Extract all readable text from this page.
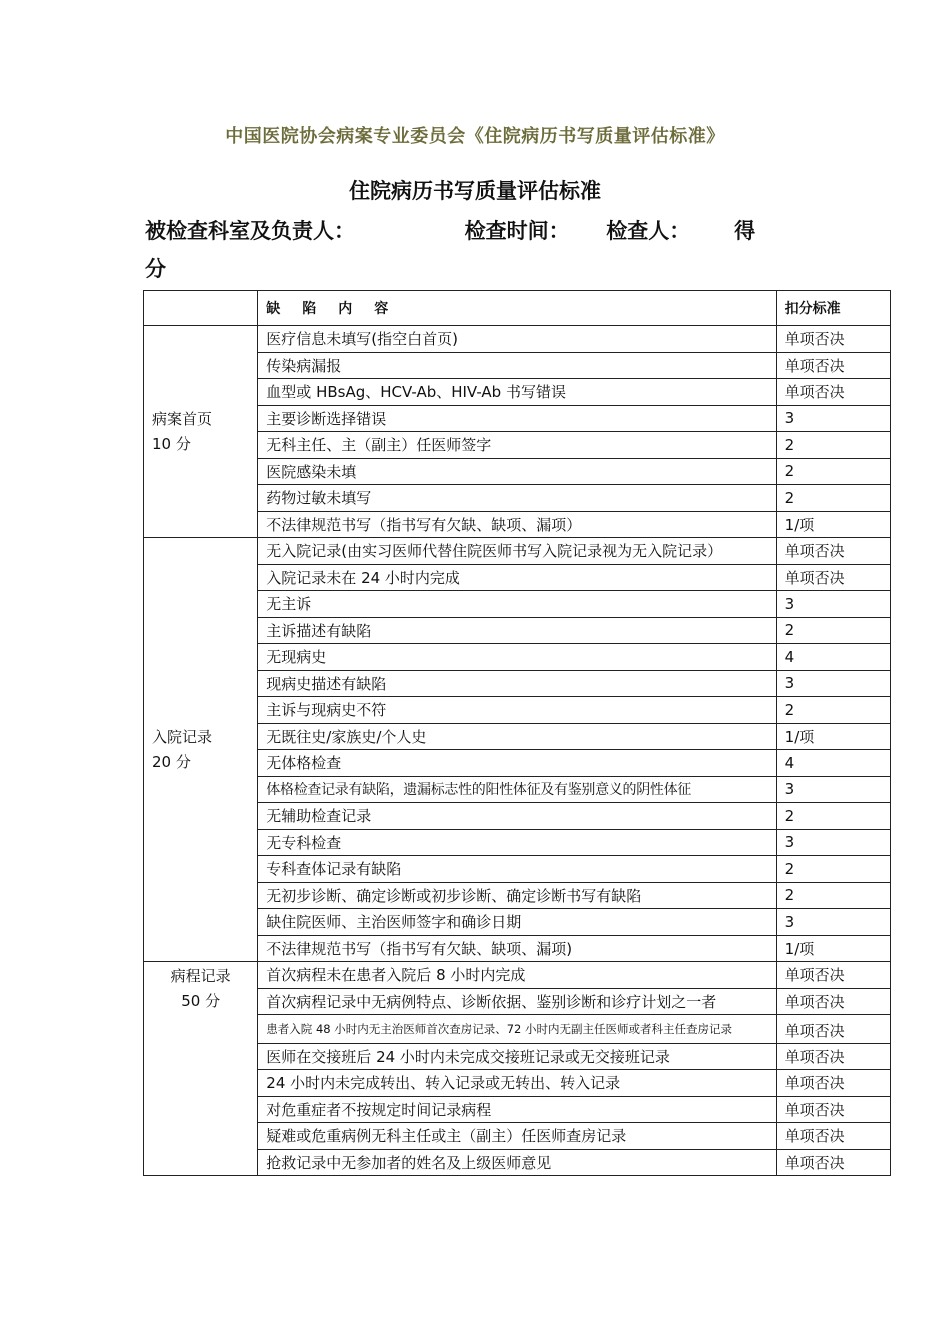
中国医院协会病案专业委员会《住院病历书写质量评估标准》
住院病历书写质量评估标准
被检查科室及负责人：	检查时间： 检查人： 得
分
	缺陷内容	扣分标准
病案首页
10 分	医疗信息未填写(指空白首页)	单项否决
	传染病漏报	单项否决
	血型或 HBsAg、HCV-Ab、HIV-Ab 书写错误	单项否决
	主要诊断选择错误	3
	无科主任、主（副主）任医师签字	2
	医院感染未填	2
	药物过敏未填写	2
	不法律规范书写（指书写有欠缺、缺项、漏项）	1/项
入院记录
20 分	无入院记录(由实习医师代替住院医师书写入院记录视为无入院记录）	单项否决
	入院记录未在 24 小时内完成	单项否决
	无主诉	3
	主诉描述有缺陷	2
	无现病史	4
	现病史描述有缺陷	3
	主诉与现病史不符	2
	无既往史/家族史/个人史	1/项
	无体格检查	4
	体格检查记录有缺陷，遗漏标志性的阳性体征及有鉴别意义的阴性体征	3
	无辅助检查记录	2
	无专科检查	3
	专科查体记录有缺陷	2
	无初步诊断、确定诊断或初步诊断、确定诊断书写有缺陷	2
	缺住院医师、主治医师签字和确诊日期	3
	不法律规范书写（指书写有欠缺、缺项、漏项)	1/项
病程记录
50 分	首次病程未在患者入院后 8 小时内完成	单项否决
	首次病程记录中无病例特点、诊断依据、鉴别诊断和诊疗计划之一者	单项否决
	患者入院 48 小时内无主治医师首次查房记录、72 小时内无副主任医师或者科主任查房记录	单项否决
	医师在交接班后 24 小时内未完成交接班记录或无交接班记录	单项否决
	24 小时内未完成转出、转入记录或无转出、转入记录	单项否决
	对危重症者不按规定时间记录病程	单项否决
	疑难或危重病例无科主任或主（副主）任医师查房记录	单项否决
	抢救记录中无参加者的姓名及上级医师意见	单项否决
